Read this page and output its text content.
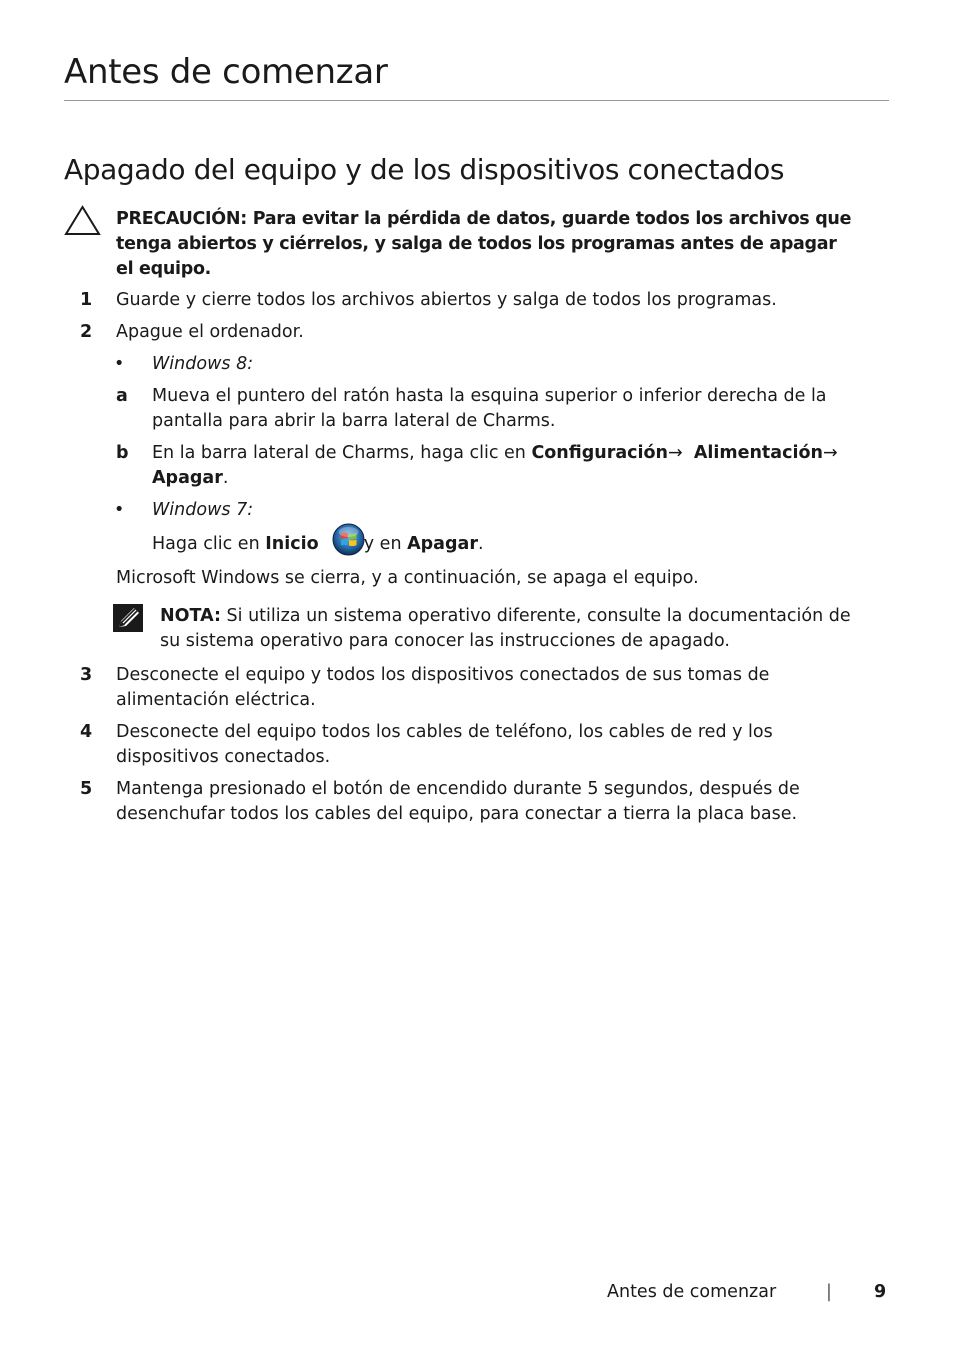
Antes de comenzar
Apagado del equipo y de los dispositivos conectados
PRECAUCIÓN: Para evitar la pérdida de datos, guarde todos los archivos que
tenga abiertos y ciérrelos, y salga de todos los programas antes de apagar
el equipo.
1 Guarde y cierre todos los archivos abiertos y salga de todos los programas.
2 Apague el ordenador.
• Windows 8:
a Mueva el puntero del ratón hasta la esquina superior o inferior derecha de la
pantalla para abrir la barra lateral de Charms.
b En la barra lateral de Charms, haga clic en Configuración→ Alimentación→
Apagar.
• Windows 7:
Haga clic en Inicio	y en Apagar.
Microsoft Windows se cierra, y a continuación, se apaga el equipo.
NOTA: Si utiliza un sistema operativo diferente, consulte la documentación de
su sistema operativo para conocer las instrucciones de apagado.
3 Desconecte el equipo y todos los dispositivos conectados de sus tomas de
alimentación eléctrica.
4 Desconecte del equipo todos los cables de teléfono, los cables de red y los
dispositivos conectados.
5 Mantenga presionado el botón de encendido durante 5 segundos, después de
desenchufar todos los cables del equipo, para conectar a tierra la placa base.
Antes de comenzar	| 9
